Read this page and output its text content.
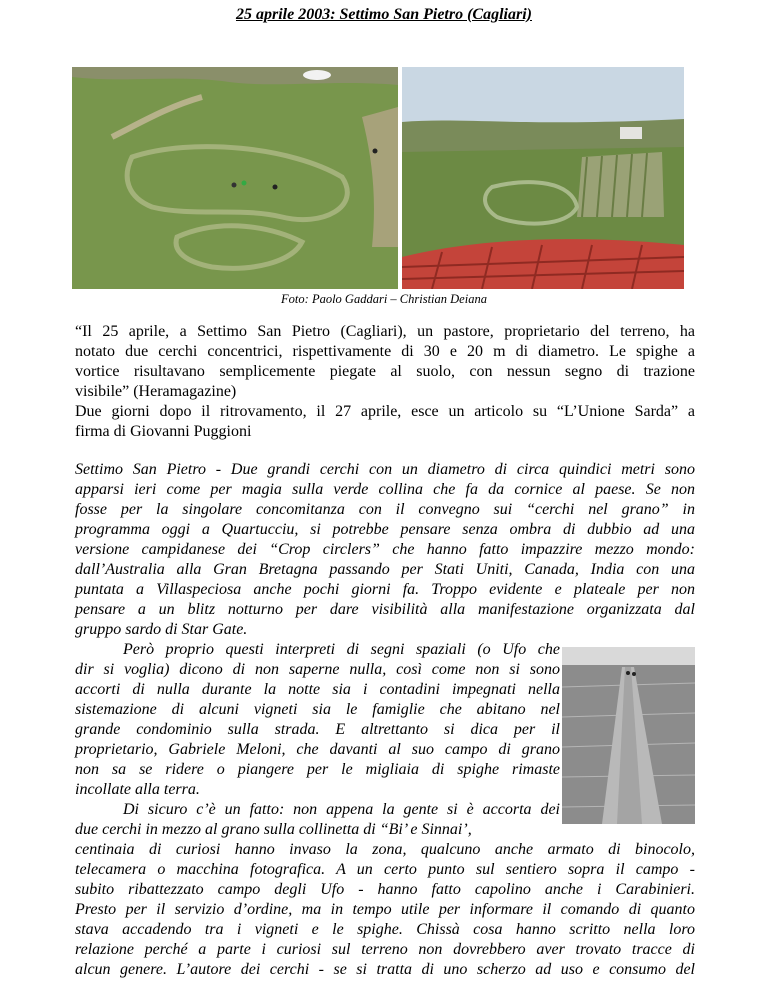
25 aprile 2003: Settimo San Pietro (Cagliari)
Foto: Paolo Gaddari – Christian Deiana

“Il 25 aprile, a Settimo San Pietro (Cagliari), un pastore, proprietario del terreno, ha
notato due cerchi concentrici, rispettivamente di 30 e 20 m di diametro. Le spighe a
vortice risultavano semplicemente piegate al suolo, con nessun segno di trazione
visibile” (Heramagazine)

Due giorni dopo il ritrovamento, il 27 aprile, esce un articolo su “L’Unione Sarda” a
firma di Giovanni Puggioni

Settimo San Pietro - Due grandi cerchi con un diametro di circa quindici metri sono
apparsi ieri come per magia sulla verde collina che fa da cornice al paese. Se non
fosse per la singolare concomitanza con il convegno sui “cerchi nel grano” in
programma oggi a Quartucciu, si potrebbe pensare senza ombra di dubbio ad una
versione campidanese dei “Crop circlers” che hanno fatto impazzire mezzo mondo:
dall’Australia alla Gran Bretagna passando per Stati Uniti, Canada, India con una
puntata a Villaspeciosa anche pochi giorni fa. Troppo evidente e plateale per non
pensare a un blitz notturno per dare visibilità alla manifestazione organizzata dal
gruppo sardo di Star Gate.
Però proprio questi interpreti di segni spaziali (o Ufo che
dir si voglia) dicono di non saperne nulla, così come non si sono
accorti di nulla durante la notte sia i contadini impegnati nella
sistemazione di alcuni vigneti sia le famiglie che abitano nel
grande condominio sulla strada. E altrettanto si dica per il
proprietario, Gabriele Meloni, che davanti al suo campo di grano
non sa se ridere o piangere per le migliaia di spighe rimaste
incollate alla terra.
Di sicuro c’è un fatto: non appena la gente si è accorta dei
due cerchi in mezzo al grano sulla collinetta di “Bi’ e Sinnai’,
centinaia di curiosi hanno invaso la zona, qualcuno anche armato di binocolo,
telecamera o macchina fotografica. A un certo punto sul sentiero sopra il campo -
subito ribattezzato campo degli Ufo - hanno fatto capolino anche i Carabinieri.
Presto per il servizio d’ordine, ma in tempo utile per informare il comando di quanto
stava accadendo tra i vigneti e le spighe. Chissà cosa hanno scritto nella loro
relazione perché a parte i curiosi sul terreno non dovrebbero aver trovato tracce di
alcun genere. L’autore dei cerchi - se si tratta di uno scherzo ad uso e consumo del
